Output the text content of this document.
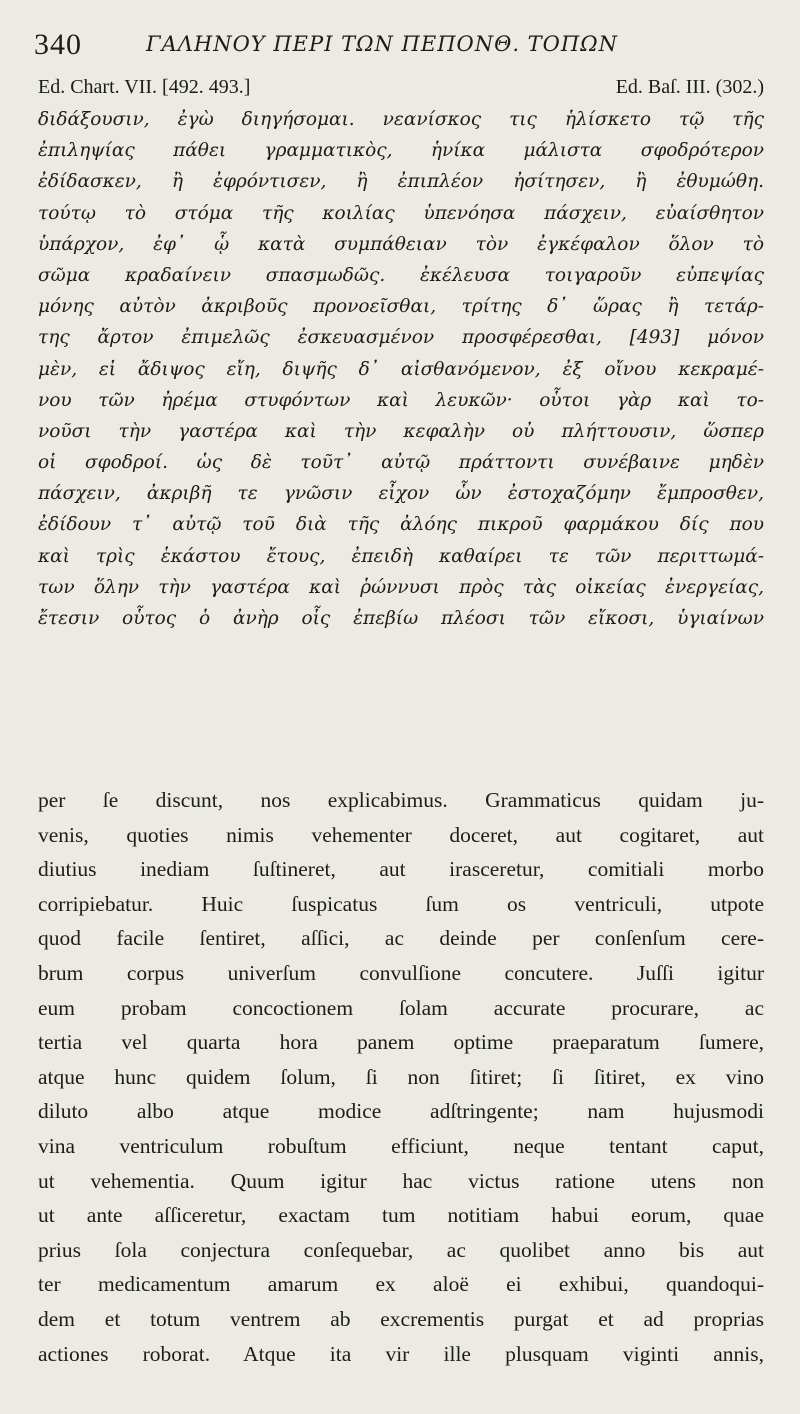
340	ΓΑΛΗΝΟΥ ΠΕΡΙ ΤΩΝ ΠΕΠΟΝΘ. ΤΟΠΩΝ
Ed. Chart. VII. [492. 493.]	Ed. Baſ. III. (302.)
διδάξουσιν, ἐγὼ διηγήσομαι. νεανίσκος τις ἡλίσκετο τῷ τῆς
ἐπιληψίας πάθει γραμματικὸς, ἡνίκα μάλιστα σφοδρότερον
ἐδίδασκεν, ἢ ἐφρόντισεν, ἢ ἐπιπλέον ἠσίτησεν, ἢ ἐθυμώθη.
τούτῳ τὸ στόμα τῆς κοιλίας ὑπενόησα πάσχειν, εὐαίσθητον
ὑπάρχον, ἐφ᾽ ᾧ κατὰ συμπάθειαν τὸν ἐγκέφαλον ὅλον τὸ
σῶμα κραδαίνειν σπασμωδῶς. ἐκέλευσα τοιγαροῦν εὐπεψίας
μόνης αὐτὸν ἀκριβοῦς προνοεῖσθαι, τρίτης δ᾽ ὥρας ἢ τετάρ-
της ἄρτον ἐπιμελῶς ἐσκευασμένον προσφέρεσθαι, [493] μόνον
μὲν, εἰ ἄδιψος εἴη, διψῆς δ᾽ αἰσθανόμενον, ἐξ οἴνου κεκραμέ-
νου τῶν ἠρέμα στυφόντων καὶ λευκῶν· οὗτοι γὰρ καὶ το-
νοῦσι τὴν γαστέρα καὶ τὴν κεφαλὴν οὐ πλήττουσιν, ὥσπερ
οἱ σφοδροί. ὡς δὲ τοῦτ᾽ αὐτῷ πράττοντι συνέβαινε μηδὲν
πάσχειν, ἀκριβῆ τε γνῶσιν εἶχον ὧν ἐστοχαζόμην ἔμπροσθεν,
ἐδίδουν τ᾽ αὐτῷ τοῦ διὰ τῆς ἀλόης πικροῦ φαρμάκου δίς που
καὶ τρὶς ἑκάστου ἔτους, ἐπειδὴ καθαίρει τε τῶν περιττωμά-
των ὅλην τὴν γαστέρα καὶ ῥώννυσι πρὸς τὰς οἰκείας ἐνεργείας,
ἔτεσιν οὗτος ὁ ἀνὴρ οἷς ἐπεβίω πλέοσι τῶν εἴκοσι, ὑγιαίνων
per ſe discunt, nos explicabimus. Grammaticus quidam ju-
venis, quoties nimis vehementer doceret, aut cogitaret, aut
diutius inediam ſuſtineret, aut irasceretur, comitiali morbo
corripiebatur. Huic ſuspicatus ſum os ventriculi, utpote
quod facile ſentiret, aſſici, ac deinde per conſenſum cere-
brum corpus univerſum convulſione concutere. Juſſi igitur
eum probam concoctionem ſolam accurate procurare, ac
tertia vel quarta hora panem optime praeparatum ſumere,
atque hunc quidem ſolum, ſi non ſitiret; ſi ſitiret, ex vino
diluto albo atque modice adſtringente; nam hujusmodi
vina ventriculum robuſtum efficiunt, neque tentant caput,
ut vehementia. Quum igitur hac victus ratione utens non
ut ante aſſiceretur, exactam tum notitiam habui eorum, quae
prius ſola conjectura conſequebar, ac quolibet anno bis aut
ter medicamentum amarum ex aloë ei exhibui, quandoqui-
dem et totum ventrem ab excrementis purgat et ad proprias
actiones roborat. Atque ita vir ille plusquam viginti annis,
